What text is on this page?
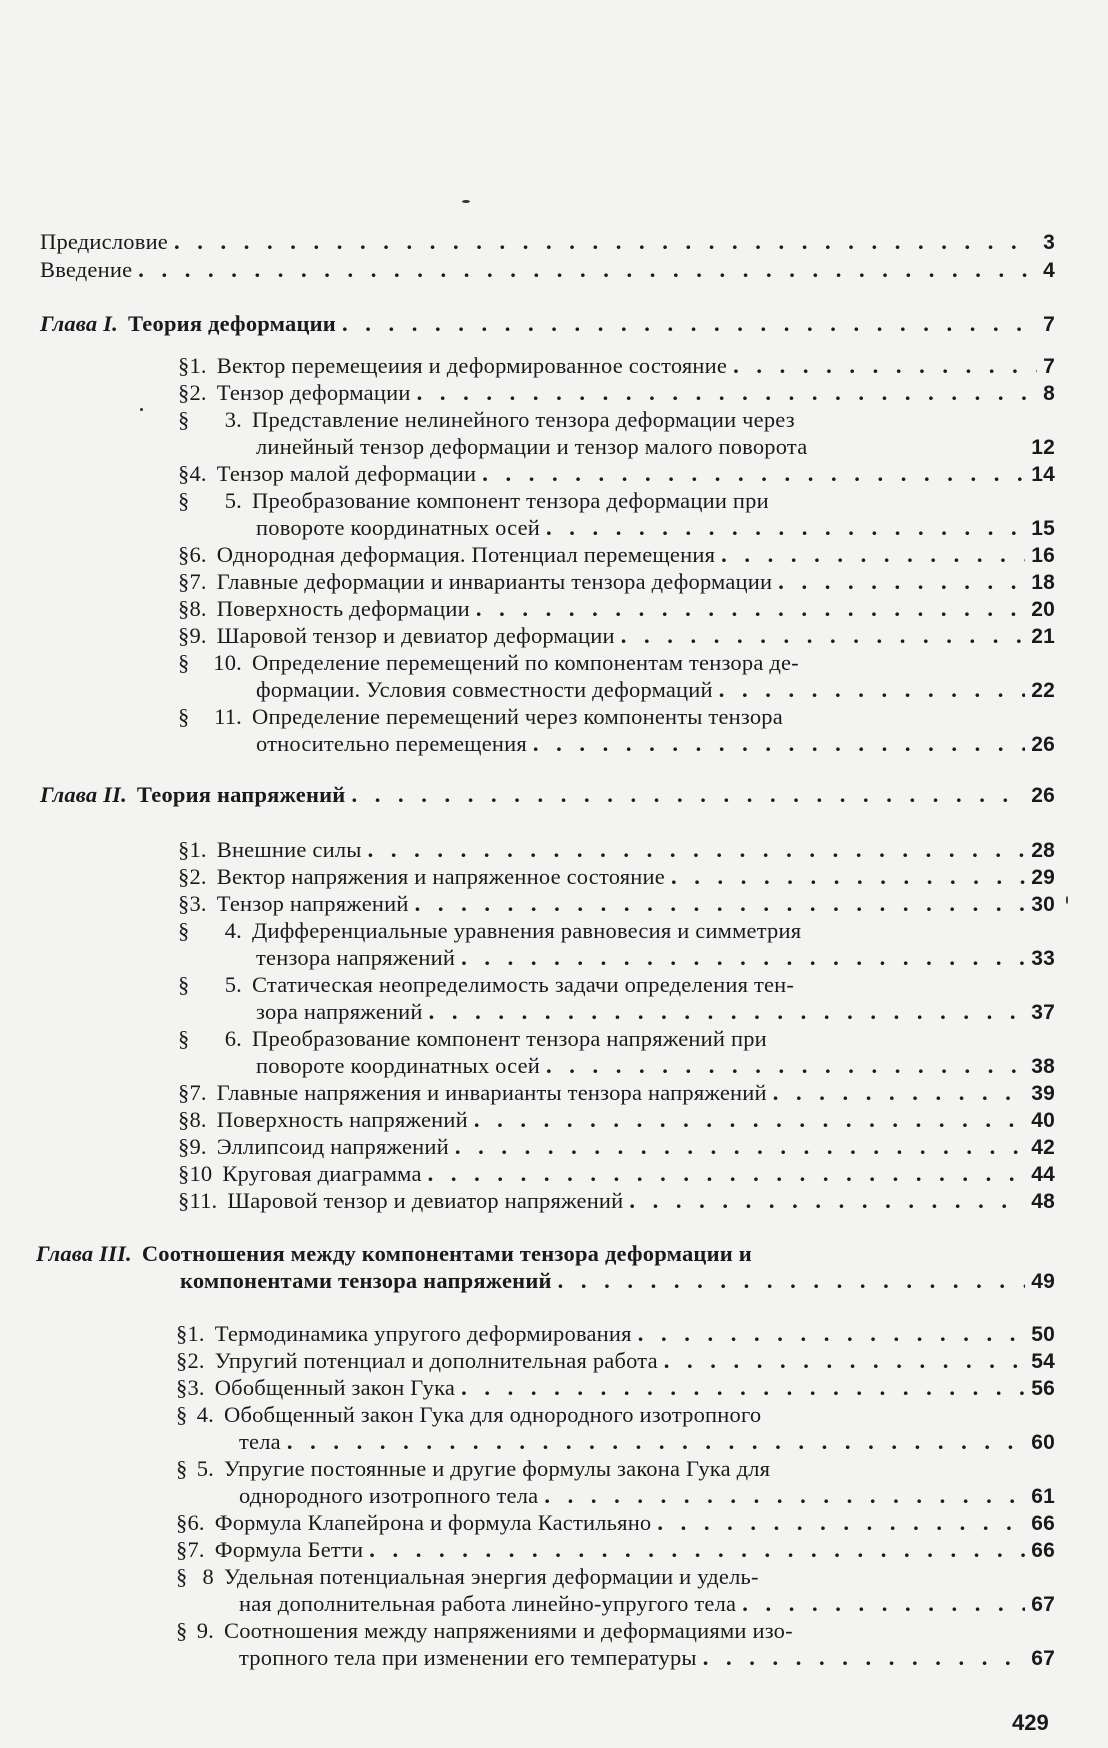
Предисловие . . .	3
Введение . . .	4
Глава I. Теория деформации . . .	7
§ 1. Вектор перемещеиия и деформированное состояние . . .	7
§ 2. Тензор деформации . . .	8
§	3. Представление нелинейного тензора деформации через
линейный тензор деформации и тензор малого поворота	12
§ 4. Тензор малой деформации . . .	14
§	5. Преобразование компонент тензора деформации при
повороте координатных осей . . .	15
§ 6. Однородная деформация. Потенциал перемещения . . .	16
§ 7. Главные деформации и инварианты тензора деформации . . .	18
§ 8. Поверхность деформации . . .	20
§ 9. Шаровой тензор и девиатор деформации . . .	21
§	10. Определение перемещений по компонентам тензора де-
формации. Условия совместности деформаций . . .	22
§	11. Определение перемещений через компоненты тензора
относительно перемещения . . .	26
Глава II. Теория напряжений . . .	26
§ 1. Внешние силы . . .	28
§ 2. Вектор напряжения и напряженное состояние . . .	29
§ 3. Тензор напряжений . . .	30
§	4. Дифференциальные уравнения равновесия и симметрия
тензора напряжений . . .	33
§	5. Статическая неопределимость задачи определения тен-
зора напряжений . . .	37
§	6. Преобразование компонент тензора напряжений при
повороте координатных осей . . .	38
§ 7. Главные напряжения и инварианты тензора напряжений . . .	39
§ 8. Поверхность напряжений . . .	40
§ 9. Эллипсоид напряжений . . .	42
§ 10 Круговая диаграмма . . .	44
§ 11. Шаровой тензор и девиатор напряжений . . .	48
Глава III. Соотношения между компонентами тензора деформации и
компонентами тензора напряжений . . .	49
§ 1. Термодинамика упругого деформирования . . .	50
§ 2. Упругий потенциал и дополнительная работа . . .	54
§ 3. Обобщенный закон Гука . . .	56
§ 4. Обобщенный закон Гука для однородного изотропного
тела . . .	60
§ 5. Упругие постоянные и другие формулы закона Гука для
однородного изотропного тела . . .	61
§ 6. Формула Клапейрона и формула Кастильяно . . .	66
§ 7. Формула Бетти . . .	66
§ 8 Удельная потенциальная энергия деформации и удель-
ная дополнительная работа линейно-упругого тела . . .	67
§ 9. Соотношения между напряжениями и деформациями изо-
тропного тела при изменении его температуры . . .	67
429
